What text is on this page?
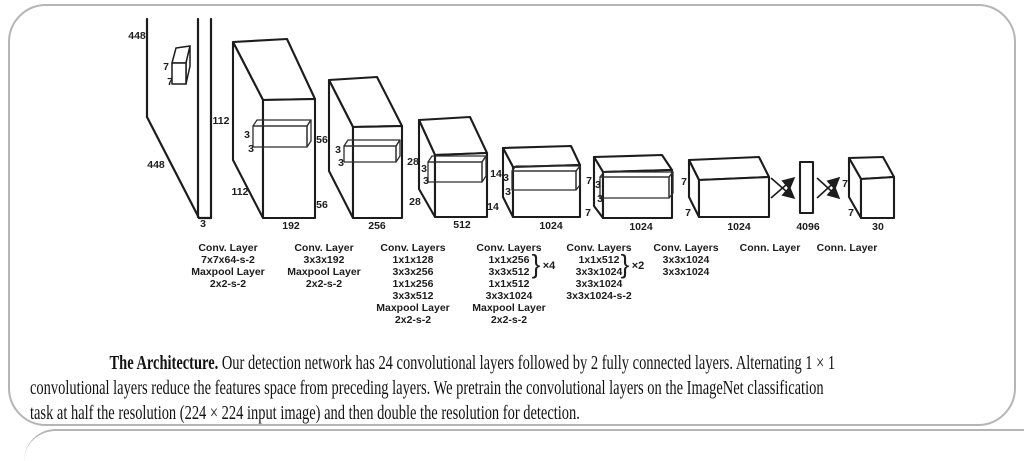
448
448
3
7
7
112
112
192
3
3
56
56
256
3
3	28
28
512
3
3
14
14
1024
3
3
7
7
1024
3
3
7
7
1024	4096
7
7
30
Conv. Layer
7x7x64-s-2
Maxpool Layer
2x2-s-2
Conv. Layer
3x3x192
Maxpool Layer
2x2-s-2
Conv. Layers
1x1x128
3x3x256
1x1x256
3x3x512
Maxpool Layer
2x2-s-2
Conv. Layers
1x1x256
3x3x512
1x1x512
3x3x1024
Maxpool Layer
2x2-s-2
} ×4
Conv. Layers
1x1x512
3x3x1024
3x3x1024
3x3x1024-s-2
} ×2
Conv. Layers
3x3x1024
3x3x1024
Conn. Layer Conn. Layer
The Architecture. Our detection network has 24 convolutional layers followed by 2 fully connected layers. Alternating 1 × 1
convolutional layers reduce the features space from preceding layers. We pretrain the convolutional layers on the ImageNet classification
task at half the resolution (224 × 224 input image) and then double the resolution for detection.
